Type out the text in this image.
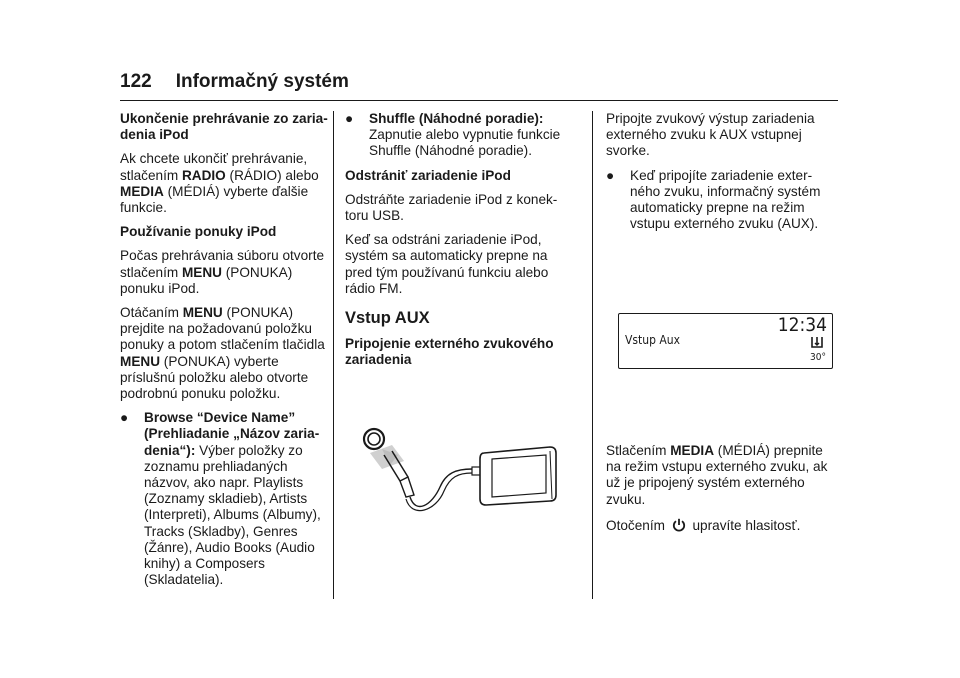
122 Informačný systém
Ukončenie prehrávanie zo zaria-denia iPod

Ak chcete ukončiť prehrávanie, stlačením RADIO (RÁDIO) alebo MEDIA (MÉDIÁ) vyberte ďalšie funkcie.

Používanie ponuky iPod

Počas prehrávania súboru otvorte stlačením MENU (PONUKA) ponuku iPod.

Otáčaním MENU (PONUKA) prejdite na požadovanú položku ponuky a potom stlačením tlačidla MENU (PONUKA) vyberte príslušnú položku alebo otvorte podrobnú ponuku položku.

● Browse “Device Name” (Prehliadanie „Názov zaria-denia“): Výber položky zo zoznamu prehliadaných názvov, ako napr. Playlists (Zoznamy skladieb), Artists (Interpreti), Albums (Albumy), Tracks (Skladby), Genres (Žánre), Audio Books (Audio knihy) a Composers (Skladatelia).
● Shuffle (Náhodné poradie): Zapnutie alebo vypnutie funkcie Shuffle (Náhodné poradie).
Odstrániť zariadenie iPod

Odstráňte zariadenie iPod z konek-toru USB.

Keď sa odstráni zariadenie iPod, systém sa automaticky prepne na pred tým používanú funkciu alebo rádio FM.

Vstup AUX
Pripojenie externého zvukového zariadenia

Pripojte zvukový výstup zariadenia externého zvuku k AUX vstupnej svorke.

● Keď pripojíte zariadenie exter-ného zvuku, informačný systém automaticky prepne na režim vstupu externého zvuku (AUX).
Vstup Aux
12:34
30°

Stlačením MEDIA (MÉDIÁ) prepnite na režim vstupu externého zvuku, ak už je pripojený systém externého zvuku.

Otočením  upravíte hlasitosť.
